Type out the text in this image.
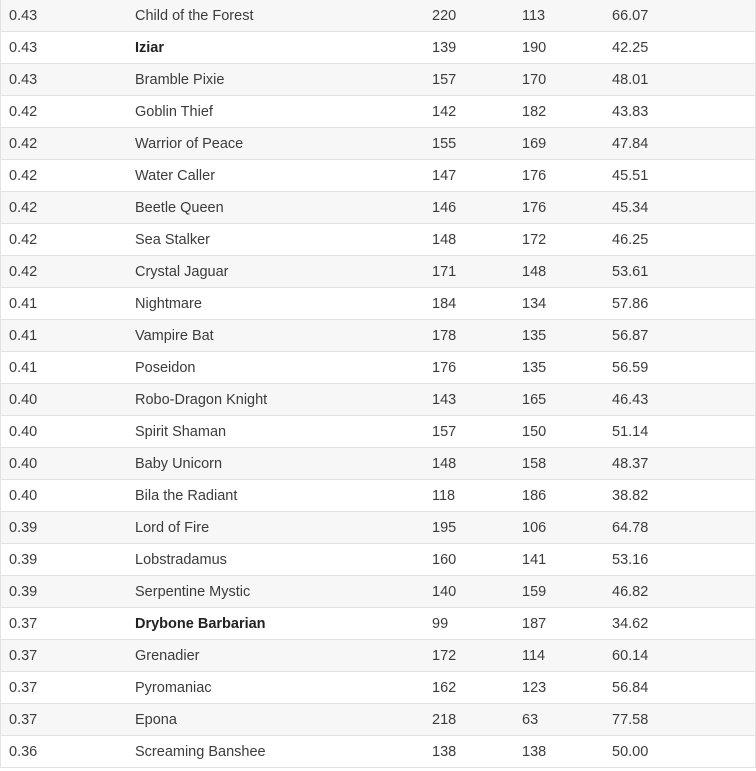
0.43	Child of the Forest	220	113	66.07
0.43	Iziar	139	190	42.25
0.43	Bramble Pixie	157	170	48.01
0.42	Goblin Thief	142	182	43.83
0.42	Warrior of Peace	155	169	47.84
0.42	Water Caller	147	176	45.51
0.42	Beetle Queen	146	176	45.34
0.42	Sea Stalker	148	172	46.25
0.42	Crystal Jaguar	171	148	53.61
0.41	Nightmare	184	134	57.86
0.41	Vampire Bat	178	135	56.87
0.41	Poseidon	176	135	56.59
0.40	Robo-Dragon Knight	143	165	46.43
0.40	Spirit Shaman	157	150	51.14
0.40	Baby Unicorn	148	158	48.37
0.40	Bila the Radiant	118	186	38.82
0.39	Lord of Fire	195	106	64.78
0.39	Lobstradamus	160	141	53.16
0.39	Serpentine Mystic	140	159	46.82
0.37	Drybone Barbarian	99	187	34.62
0.37	Grenadier	172	114	60.14
0.37	Pyromaniac	162	123	56.84
0.37	Epona	218	63	77.58
0.36	Screaming Banshee	138	138	50.00
